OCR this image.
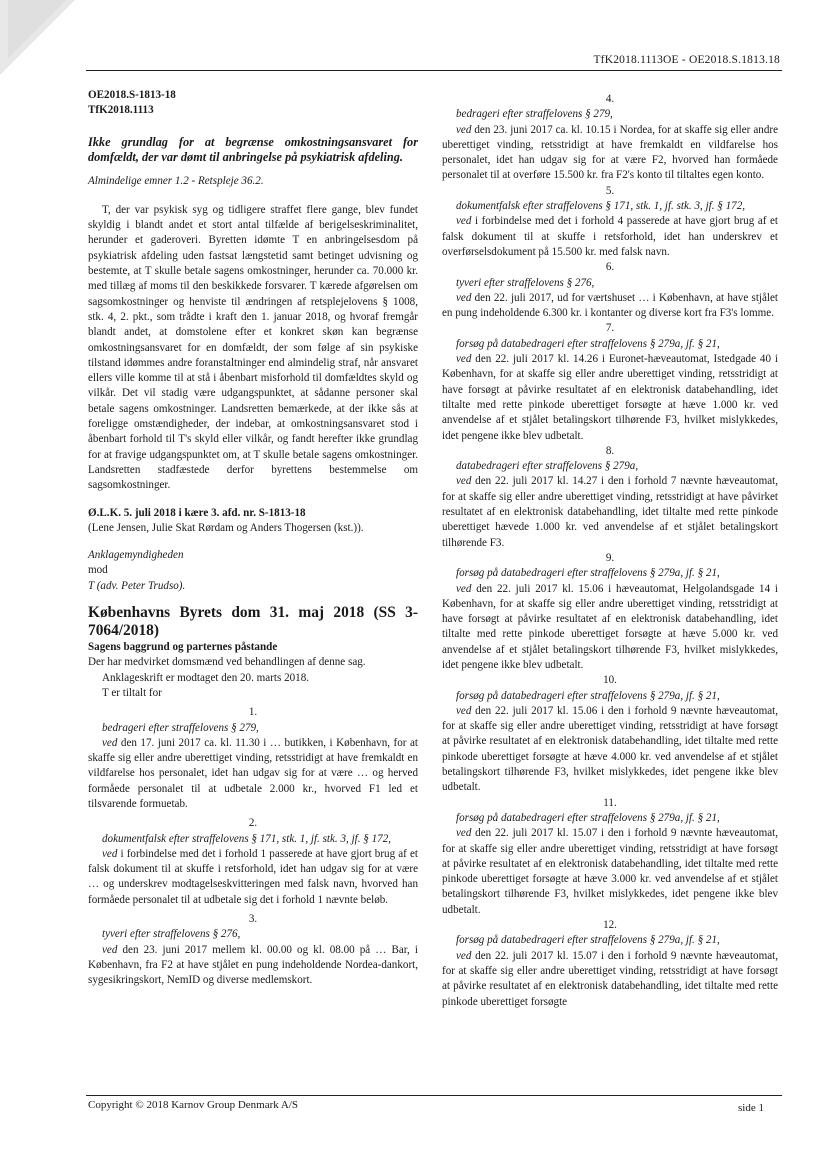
TfK2018.1113OE - OE2018.S.1813.18

OE2018.S-1813-18

TfK2018.1113

Ikke grundlag for at begrænse omkostningsansvaret for domfældt, der var dømt til anbringelse på psykiatrisk afdeling.

Almindelige emner 1.2 - Retspleje 36.2.

T, der var psykisk syg og tidligere straffet flere gange, blev fundet skyldig i blandt andet et stort antal tilfælde af berigelseskriminalitet, herunder et gaderoveri. Byretten idømte T en anbringelsesdom på psykiatrisk afdeling uden fastsat længstetid samt betinget udvisning og bestemte, at T skulle betale sagens omkostninger, herunder ca. 70.000 kr. med tillæg af moms til den beskikkede forsvarer. T kærede afgørelsen om sagsomkostninger og henviste til ændringen af retsplejelovens § 1008, stk. 4, 2. pkt., som trådte i kraft den 1. januar 2018, og hvoraf fremgår blandt andet, at domstolene efter et konkret skøn kan begrænse omkostningsansvaret for en domfældt, der som følge af sin psykiske tilstand idømmes andre foranstaltninger end almindelig straf, når ansvaret ellers ville komme til at stå i åbenbart misforhold til domfældtes skyld og vilkår. Det vil stadig være udgangspunktet, at sådanne personer skal betale sagens omkostninger. Landsretten bemærkede, at der ikke sås at foreligge omstændigheder, der indebar, at omkostningsansvaret stod i åbenbart forhold til T's skyld eller vilkår, og fandt herefter ikke grundlag for at fravige udgangspunktet om, at T skulle betale sagens omkostninger. Landsretten stadfæstede derfor byrettens bestemmelse om sagsomkostninger.

Ø.L.K. 5. juli 2018 i kære 3. afd. nr. S-1813-18

(Lene Jensen, Julie Skat Rørdam og Anders Thogersen (kst.)).

Anklagemyndigheden

mod

T (adv. Peter Trudso).

Københavns Byrets dom 31. maj 2018 (SS 3-7064/2018)

Sagens baggrund og parternes påstande

Der har medvirket domsmænd ved behandlingen af denne sag.

Anklageskrift er modtaget den 20. marts 2018.

T er tiltalt for

1.

bedrageri efter straffelovens § 279,

ved den 17. juni 2017 ca. kl. 11.30 i … butikken, i København, for at skaffe sig eller andre uberettiget vinding, retsstridigt at have fremkaldt en vildfarelse hos personalet, idet han udgav sig for at være … og herved formåede personalet til at udbetale 2.000 kr., hvorved F1 led et tilsvarende formuetab.

2.

dokumentfalsk efter straffelovens § 171, stk. 1, jf. stk. 3, jf. § 172,

ved i forbindelse med det i forhold 1 passerede at have gjort brug af et falsk dokument til at skuffe i retsforhold, idet han udgav sig for at være … og underskrev modtagelseskvitteringen med falsk navn, hvorved han formåede personalet til at udbetale sig det i forhold 1 nævnte beløb.

3.

tyveri efter straffelovens § 276,

ved den 23. juni 2017 mellem kl. 00.00 og kl. 08.00 på … Bar, i København, fra F2 at have stjålet en pung indeholdende Nordea-dankort, sygesikringskort, NemID og diverse medlemskort.

4.

bedrageri efter straffelovens § 279,

ved den 23. juni 2017 ca. kl. 10.15 i Nordea, for at skaffe sig eller andre uberettiget vinding, retsstridigt at have fremkaldt en vildfarelse hos personalet, idet han udgav sig for at være F2, hvorved han formåede personalet til at overføre 15.500 kr. fra F2's konto til tiltaltes egen konto.

5.

dokumentfalsk efter straffelovens § 171, stk. 1, jf. stk. 3, jf. § 172,

ved i forbindelse med det i forhold 4 passerede at have gjort brug af et falsk dokument til at skuffe i retsforhold, idet han underskrev et overførselsdokument på 15.500 kr. med falsk navn.

6.

tyveri efter straffelovens § 276,

ved den 22. juli 2017, ud for værtshuset … i København, at have stjålet en pung indeholdende 6.300 kr. i kontanter og diverse kort fra F3's lomme.

7.

forsøg på databedrageri efter straffelovens § 279a, jf. § 21,

ved den 22. juli 2017 kl. 14.26 i Euronet-hæveautomat, Istedgade 40 i København, for at skaffe sig eller andre uberettiget vinding, retsstridigt at have forsøgt at påvirke resultatet af en elektronisk databehandling, idet tiltalte med rette pinkode uberettiget forsøgte at hæve 1.000 kr. ved anvendelse af et stjålet betalingskort tilhørende F3, hvilket mislykkedes, idet pengene ikke blev udbetalt.

8.

databedrageri efter straffelovens § 279a,

ved den 22. juli 2017 kl. 14.27 i den i forhold 7 nævnte hæveautomat, for at skaffe sig eller andre uberettiget vinding, retsstridigt at have påvirket resultatet af en elektronisk databehandling, idet tiltalte med rette pinkode uberettiget hævede 1.000 kr. ved anvendelse af et stjålet betalingskort tilhørende F3.

9.

forsøg på databedrageri efter straffelovens § 279a, jf. § 21,

ved den 22. juli 2017 kl. 15.06 i hæveautomat, Helgolandsgade 14 i København, for at skaffe sig eller andre uberettiget vinding, retsstridigt at have forsøgt at påvirke resultatet af en elektronisk databehandling, idet tiltalte med rette pinkode uberettiget forsøgte at hæve 5.000 kr. ved anvendelse af et stjålet betalingskort tilhørende F3, hvilket mislykkedes, idet pengene ikke blev udbetalt.

10.

forsøg på databedrageri efter straffelovens § 279a, jf. § 21,

ved den 22. juli 2017 kl. 15.06 i den i forhold 9 nævnte hæveautomat, for at skaffe sig eller andre uberettiget vinding, retsstridigt at have forsøgt at påvirke resultatet af en elektronisk databehandling, idet tiltalte med rette pinkode uberettiget forsøgte at hæve 4.000 kr. ved anvendelse af et stjålet betalingskort tilhørende F3, hvilket mislykkedes, idet pengene ikke blev udbetalt.

11.

forsøg på databedrageri efter straffelovens § 279a, jf. § 21,

ved den 22. juli 2017 kl. 15.07 i den i forhold 9 nævnte hæveautomat, for at skaffe sig eller andre uberettiget vinding, retsstridigt at have forsøgt at påvirke resultatet af en elektronisk databehandling, idet tiltalte med rette pinkode uberettiget forsøgte at hæve 3.000 kr. ved anvendelse af et stjålet betalingskort tilhørende F3, hvilket mislykkedes, idet pengene ikke blev udbetalt.

12.

forsøg på databedrageri efter straffelovens § 279a, jf. § 21,

ved den 22. juli 2017 kl. 15.07 i den i forhold 9 nævnte hæveautomat, for at skaffe sig eller andre uberettiget vinding, retsstridigt at have forsøgt at påvirke resultatet af en elektronisk databehandling, idet tiltalte med rette pinkode uberettiget forsøgte

Copyright © 2018 Karnov Group Denmark A/S	side 1
